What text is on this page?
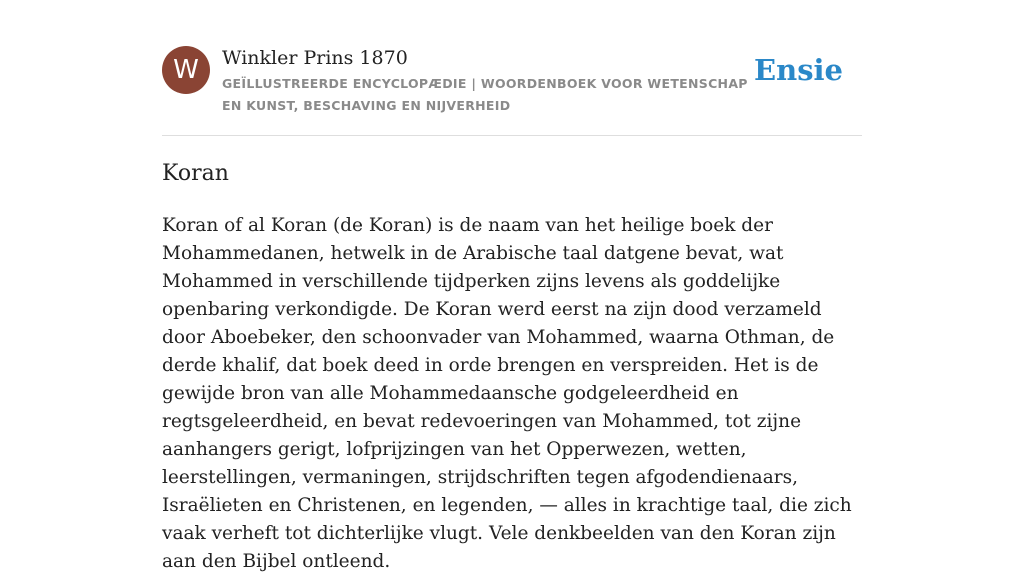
W	Winkler Prins 1870
GEÏLLUSTREERDE ENCYCLOPÆDIE | WOORDENBOEK VOOR WETENSCHAP EN KUNST, BESCHAVING EN NIJVERHEID
Ensie
Koran

Koran of al Koran (de Koran) is de naam van het heilige boek der Mohammedanen, hetwelk in de Arabische taal datgene bevat, wat Mohammed in verschillende tijdperken zijns levens als goddelijke openbaring verkondigde. De Koran werd eerst na zijn dood verzameld door Aboebeker, den schoonvader van Mohammed, waarna Othman, de derde khalif, dat boek deed in orde brengen en verspreiden. Het is de gewijde bron van alle Mohammedaansche godgeleerdheid en regtsgeleerdheid, en bevat redevoeringen van Mohammed, tot zijne aanhangers gerigt, lofprijzingen van het Opperwezen, wetten, leerstellingen, vermaningen, strijdschriften tegen afgodendienaars, Israëlieten en Christenen, en legenden, — alles in krachtige taal, die zich vaak verheft tot dichterlijke vlugt. Vele denkbeelden van den Koran zijn aan den Bijbel ontleend.
